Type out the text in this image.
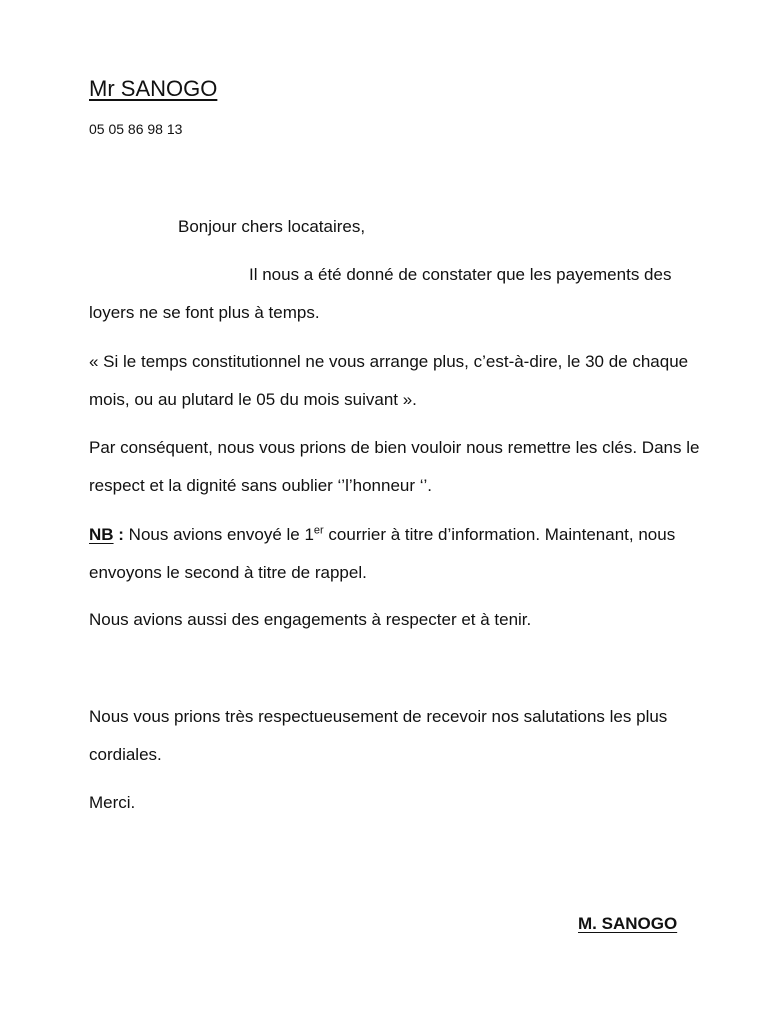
Mr SANOGO
05 05 86 98 13

Bonjour chers locataires,

Il nous a été donné de constater que les payements des loyers ne se font plus à temps.

« Si le temps constitutionnel ne vous arrange plus, c’est-à-dire, le 30 de chaque mois, ou au plutard le 05 du mois suivant ».

Par conséquent, nous vous prions de bien vouloir nous remettre les clés. Dans le respect et la dignité sans oublier ‘’l’honneur ‘’.

NB : Nous avions envoyé le 1er courrier à titre d’information. Maintenant, nous envoyons le second à titre de rappel.

Nous avions aussi des engagements à respecter et à tenir.

Nous vous prions très respectueusement de recevoir nos salutations les plus cordiales.

Merci.

M. SANOGO
